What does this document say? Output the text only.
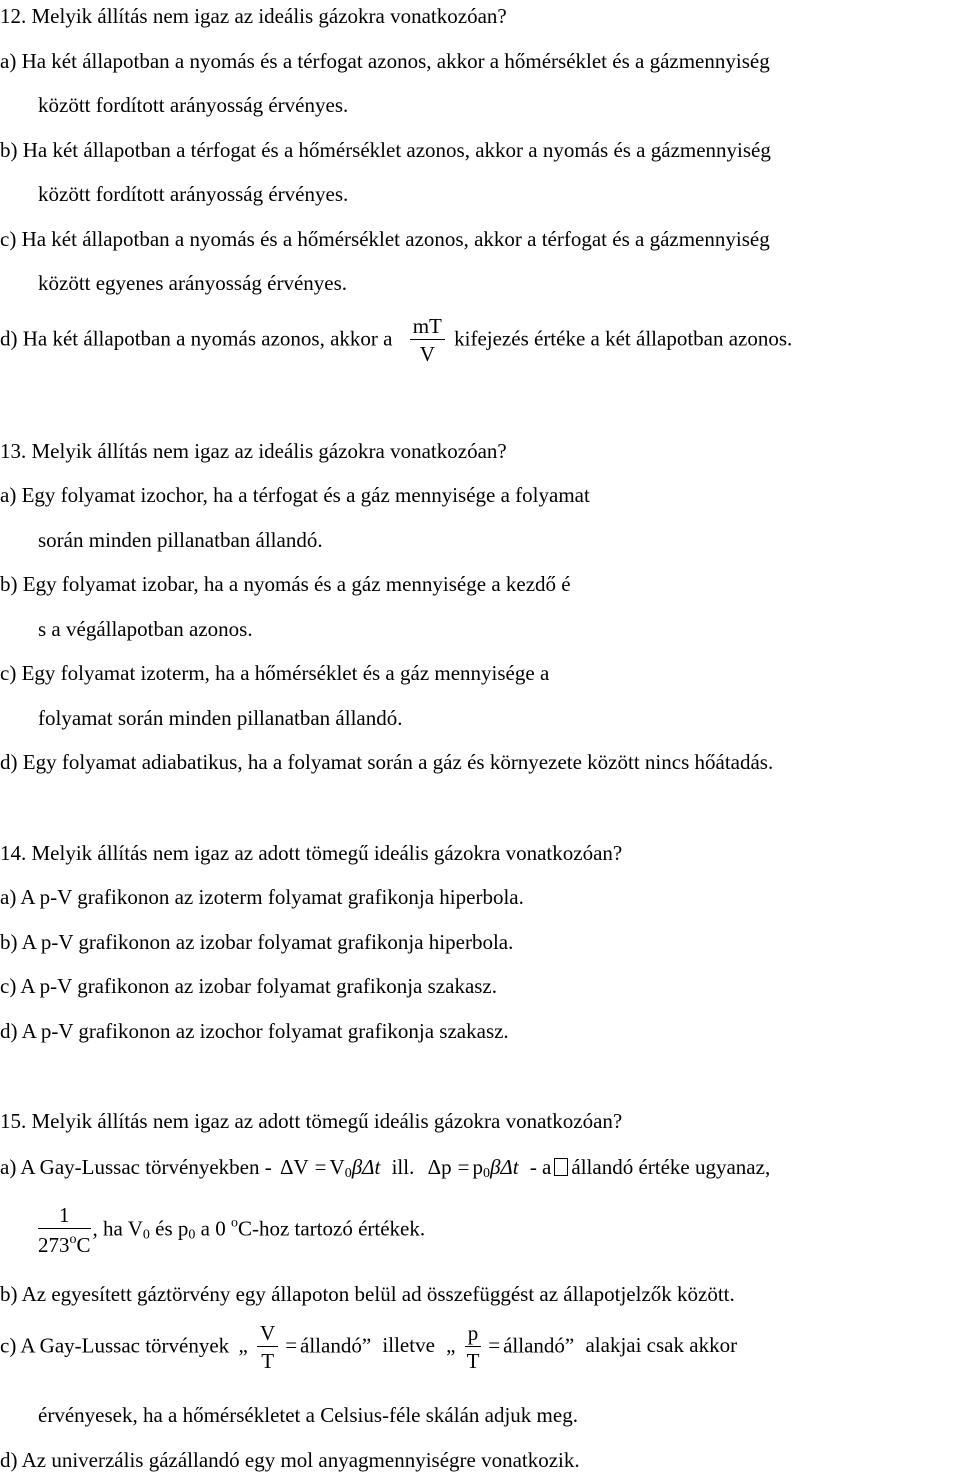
12. Melyik állítás nem igaz az ideális gázokra vonatkozóan?
a) Ha két állapotban a nyomás és a térfogat azonos, akkor a hőmérséklet és a gázmennyiség
között fordított arányosság érvényes.
b) Ha két állapotban a térfogat és a hőmérséklet azonos, akkor a nyomás és a gázmennyiség
között fordított arányosság érvényes.
c) Ha két állapotban a nyomás és a hőmérséklet azonos, akkor a térfogat és a gázmennyiség
között egyenes arányosság érvényes.
d) Ha két állapotban a nyomás azonos, akkor a $\frac{mT}{V}$ kifejezés értéke a két állapotban azonos.
13. Melyik állítás nem igaz az ideális gázokra vonatkozóan?
a) Egy folyamat izochor, ha a térfogat és a gáz mennyisége a folyamat
során minden pillanatban állandó.
b) Egy folyamat izobar, ha a nyomás és a gáz mennyisége a kezdő é
s a végállapotban azonos.
c) Egy folyamat izoterm, ha a hőmérséklet és a gáz mennyisége a
folyamat során minden pillanatban állandó.
d) Egy folyamat adiabatikus, ha a folyamat során a gáz és környezete között nincs hőátadás.
14. Melyik állítás nem igaz az adott tömegű ideális gázokra vonatkozóan?
a) A p-V grafikonon az izoterm folyamat grafikonja hiperbola.
b) A p-V grafikonon az izobar folyamat grafikonja hiperbola.
c) A p-V grafikonon az izobar folyamat grafikonja szakasz.
d) A p-V grafikonon az izochor folyamat grafikonja szakasz.
15. Melyik állítás nem igaz az adott tömegű ideális gázokra vonatkozóan?
a) A Gay-Lussac törvényekben - $\Delta V = V_0\beta\Delta t$ ill. $\Delta p = p_0\beta\Delta t - a$ állandó értéke ugyanaz,
$\frac{1}{273^oC}$ , ha $V_0$ és $p_0$ a 0 $^o$C-hoz tartozó értékek.
b) Az egyesített gáztörvény egy állapoton belül ad összefüggést az állapotjelzők között.
c) A Gay-Lussac törvények „ $\frac{V}{T}$ = állandó” illetve „ $\frac{p}{T}$ = állandó” alakjai csak akkor
érvényesek, ha a hőmérsékletet a Celsius-féle skálán adjuk meg.
d) Az univerzális gázállandó egy mol anyagmennyiségre vonatkozik.
